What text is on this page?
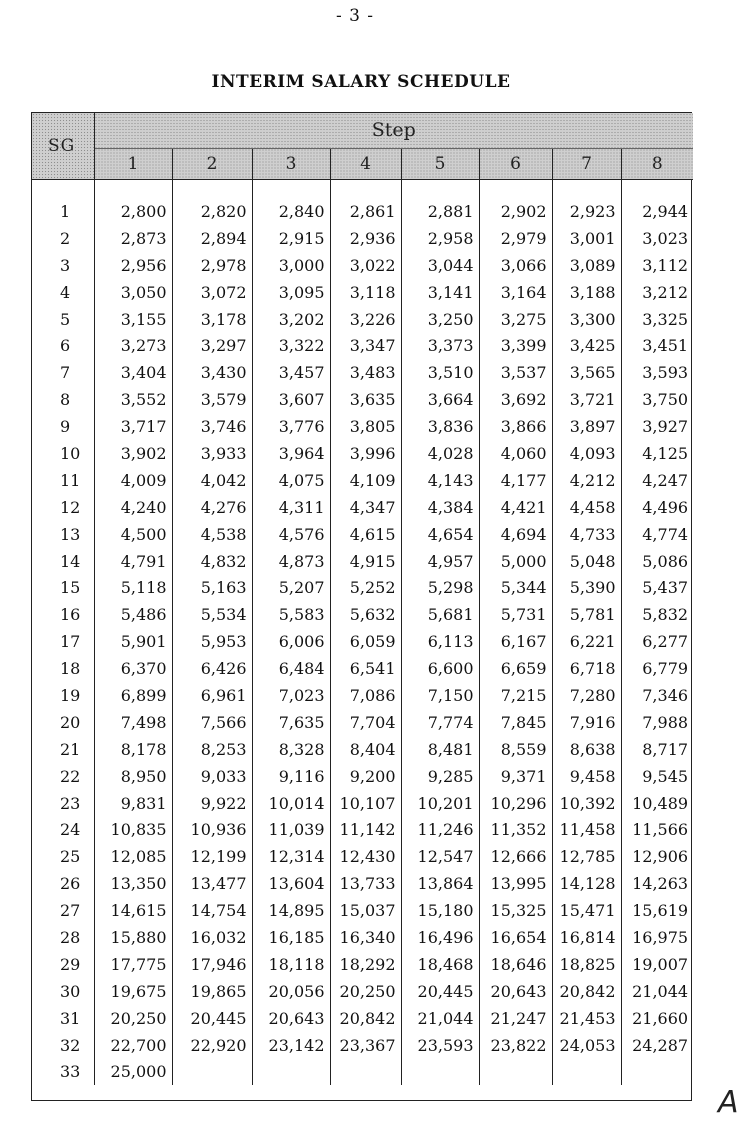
- 3 -
INTERIM SALARY SCHEDULE
SG	Step							
	1	2	3	4	5	6	7	8

1	2,800	2,820	2,840	2,861	2,881	2,902	2,923	2,944
2	2,873	2,894	2,915	2,936	2,958	2,979	3,001	3,023
3	2,956	2,978	3,000	3,022	3,044	3,066	3,089	3,112
4	3,050	3,072	3,095	3,118	3,141	3,164	3,188	3,212
5	3,155	3,178	3,202	3,226	3,250	3,275	3,300	3,325
6	3,273	3,297	3,322	3,347	3,373	3,399	3,425	3,451
7	3,404	3,430	3,457	3,483	3,510	3,537	3,565	3,593
8	3,552	3,579	3,607	3,635	3,664	3,692	3,721	3,750
9	3,717	3,746	3,776	3,805	3,836	3,866	3,897	3,927
10	3,902	3,933	3,964	3,996	4,028	4,060	4,093	4,125
11	4,009	4,042	4,075	4,109	4,143	4,177	4,212	4,247
12	4,240	4,276	4,311	4,347	4,384	4,421	4,458	4,496
13	4,500	4,538	4,576	4,615	4,654	4,694	4,733	4,774
14	4,791	4,832	4,873	4,915	4,957	5,000	5,048	5,086
15	5,118	5,163	5,207	5,252	5,298	5,344	5,390	5,437
16	5,486	5,534	5,583	5,632	5,681	5,731	5,781	5,832
17	5,901	5,953	6,006	6,059	6,113	6,167	6,221	6,277
18	6,370	6,426	6,484	6,541	6,600	6,659	6,718	6,779
19	6,899	6,961	7,023	7,086	7,150	7,215	7,280	7,346
20	7,498	7,566	7,635	7,704	7,774	7,845	7,916	7,988
21	8,178	8,253	8,328	8,404	8,481	8,559	8,638	8,717
22	8,950	9,033	9,116	9,200	9,285	9,371	9,458	9,545
23	9,831	9,922	10,014	10,107	10,201	10,296	10,392	10,489
24	10,835	10,936	11,039	11,142	11,246	11,352	11,458	11,566
25	12,085	12,199	12,314	12,430	12,547	12,666	12,785	12,906
26	13,350	13,477	13,604	13,733	13,864	13,995	14,128	14,263
27	14,615	14,754	14,895	15,037	15,180	15,325	15,471	15,619
28	15,880	16,032	16,185	16,340	16,496	16,654	16,814	16,975
29	17,775	17,946	18,118	18,292	18,468	18,646	18,825	19,007
30	19,675	19,865	20,056	20,250	20,445	20,643	20,842	21,044
31	20,250	20,445	20,643	20,842	21,044	21,247	21,453	21,660
32	22,700	22,920	23,142	23,367	23,593	23,822	24,053	24,287
33	25,000							

A
